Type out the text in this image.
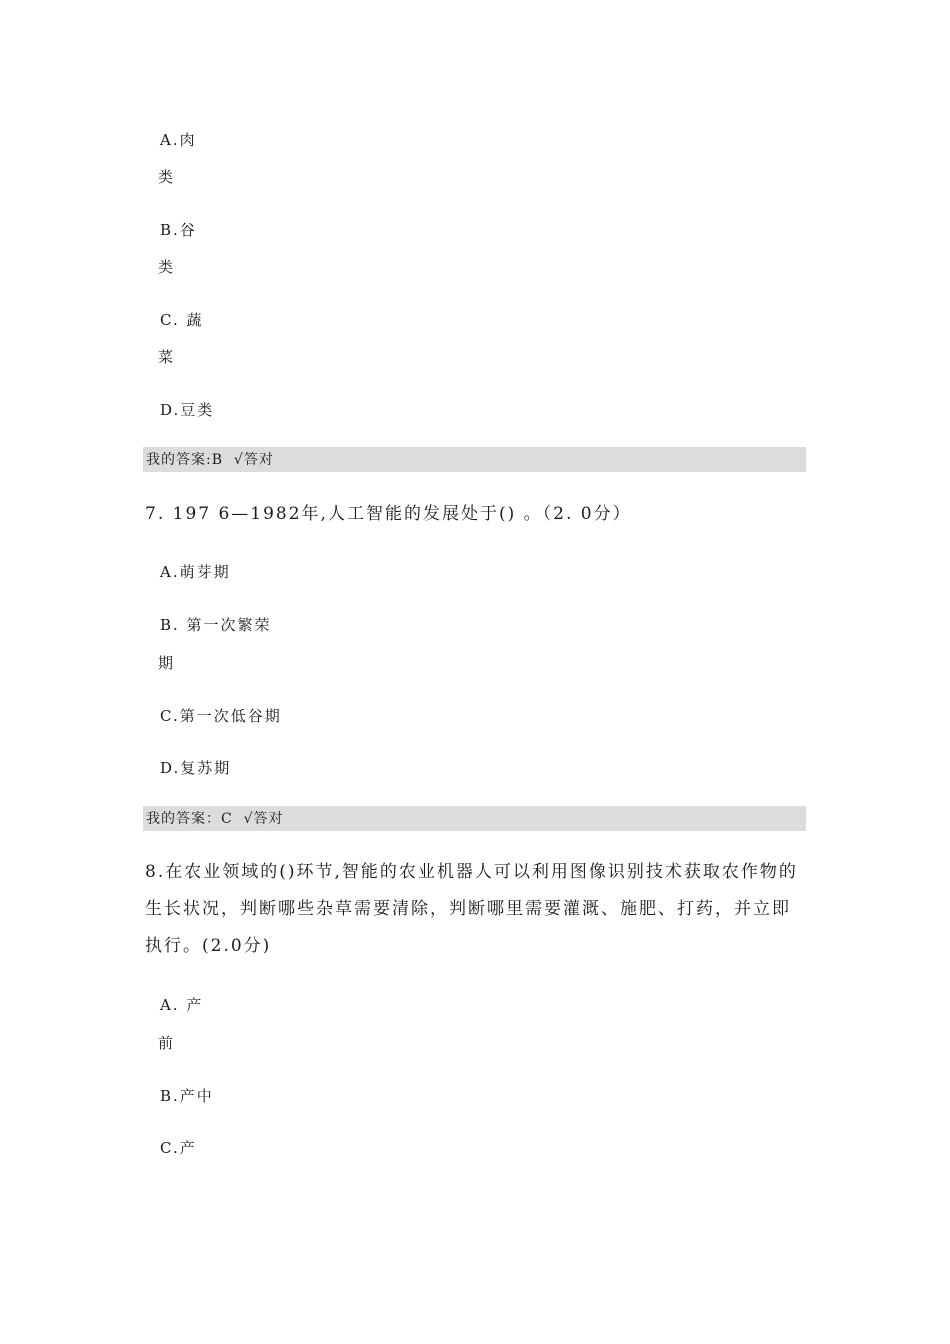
A.肉
类
B.谷
类
C. 蔬
菜
D.豆类
我的答案:B  √答对
7. 197 6—1982年,人工智能的发展处于() 。（2. 0分）
A.萌芽期
B. 第一次繁荣
期
C.第一次低谷期
D.复苏期
我的答案：C  √答对
8.在农业领域的()环节,智能的农业机器人可以利用图像识别技术获取农作物的
生长状况，判断哪些杂草需要清除，判断哪里需要灌溉、施肥、打药，并立即
执行。(2.0分)
A. 产
前
B.产中
C.产
